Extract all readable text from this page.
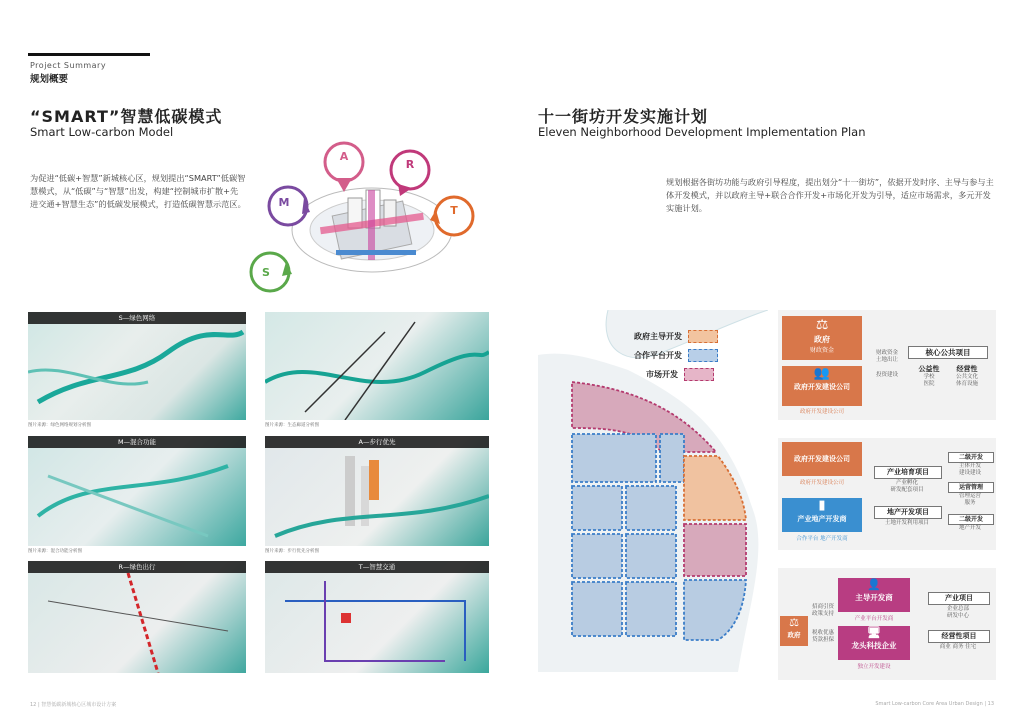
Project Summary
规划概要
“SMART”智慧低碳模式
Smart Low-carbon Model
为促进“低碳+智慧”新城核心区，规划提出“SMART”低碳智慧模式，从“低碳”与“智慧”出发，构建“控制城市扩散+先进交通+智慧生态”的低碳发展模式，打造低碳智慧示范区。
A
R
M
T
S
S—绿色网络
图片来源：绿色网络规划分析图	图片来源：生态廊道分析图
M—混合功能
图片来源：混合功能分析图
A—步行优先
图片来源：步行优先分析图
R—绿色出行	T—智慧交通
12 | 智慧低碳新城核心区城市设计方案
十一街坊开发实施计划
Eleven Neighborhood Development Implementation Plan
规划根据各街坊功能与政府引导程度，提出划分“十一街坊”，依据开发时序、主导与参与主体开发模式，并以政府主导+联合合作开发+市场化开发为引导，适应市场需求，多元开发实施计划。
政府主导开发
合作平台开发
市场开发
⚖
政府
财政资金
👥
政府开发建设公司
政府开发建设公司
财政资金
土地出让
投资建设
核心公共项目
公益性
学校
医院
经营性
公共文化
体育设施
政府开发建设公司
政府开发建设公司
▮
产业地产开发商
合作平台 地产开发商
产业培育项目
产业孵化
研发配套项目
地产开发项目
土地开发利用项目
二级开发
主体开发
建设建设
运营管理
管理运营
服务
二级开发
地产开发
⚖
政府
招商引资
政策支持
税收优惠
贷款担保
👤
主导开发商
产业平台开发商
🖥
龙头科技企业
独立开发建设
产业项目
企业总部
研发中心
经营性项目
商业 商务 住宅
Smart Low-carbon Core Area Urban Design | 13
